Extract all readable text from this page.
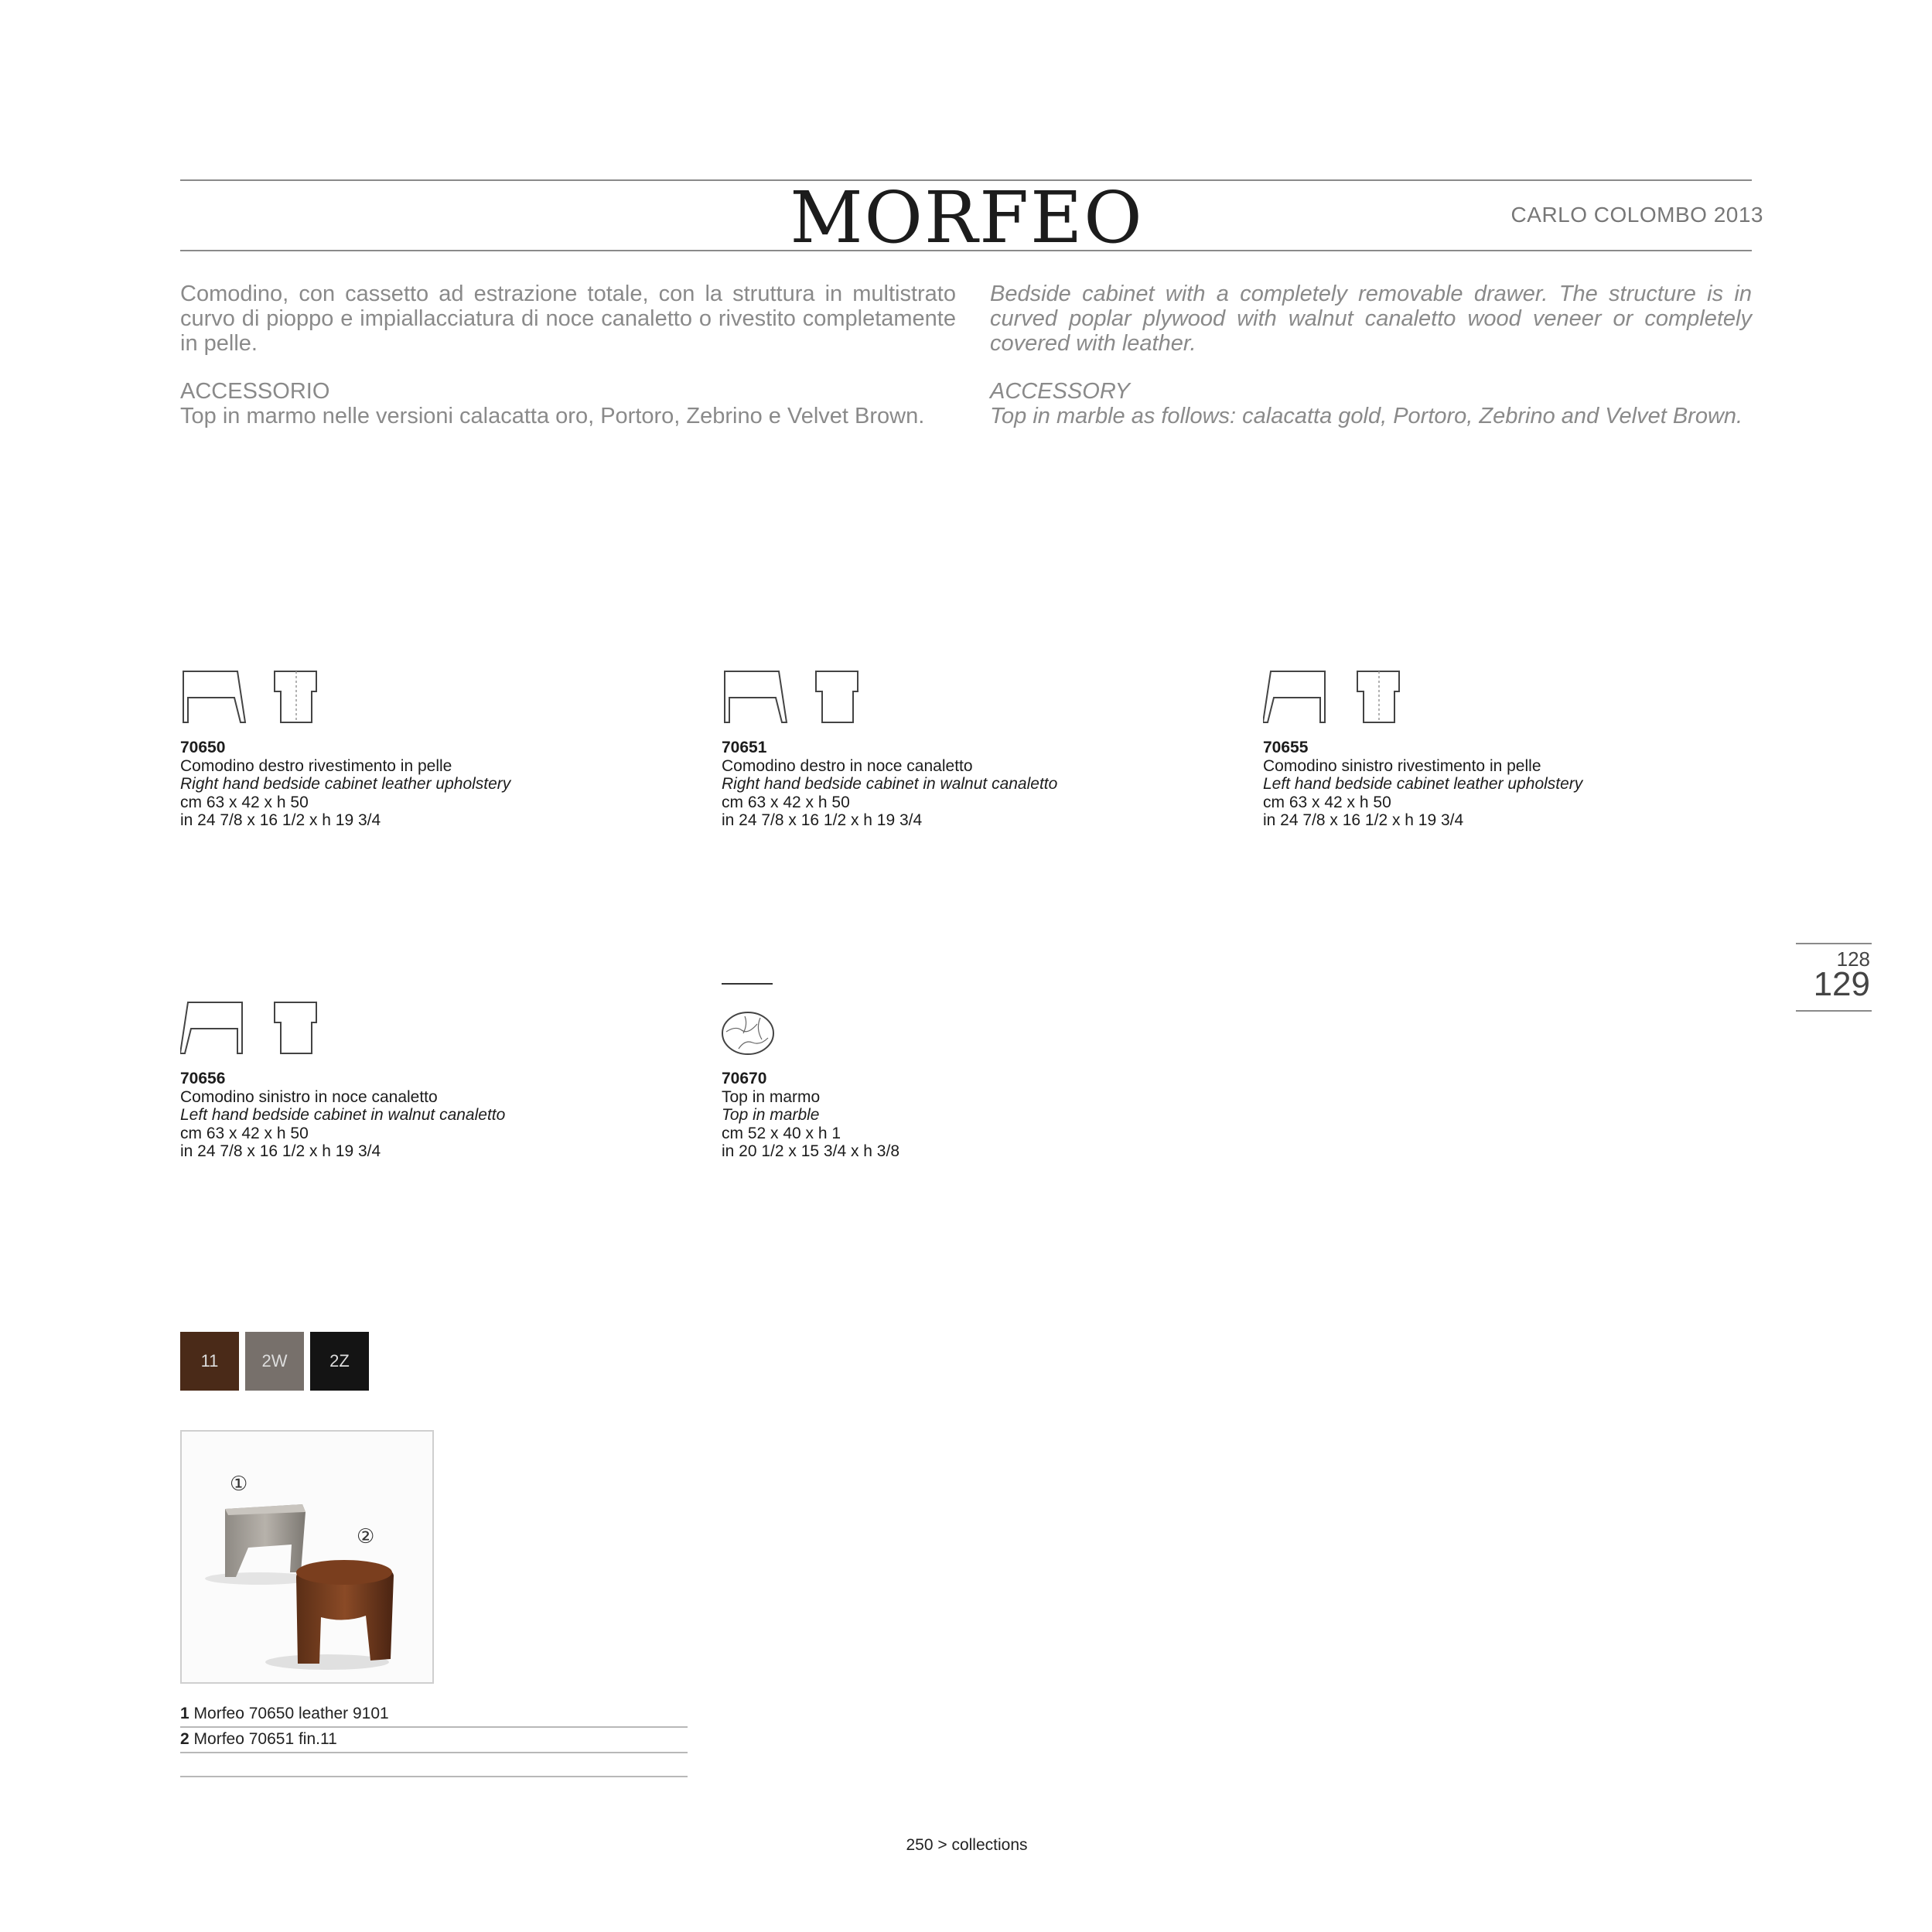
MORFEO	CARLO COLOMBO 2013

Comodino, con cassetto ad estrazione totale, con la struttura in multistrato curvo di pioppo e impiallacciatura di noce canaletto o rivestito completamente in pelle.

ACCESSORIO
Top in marmo nelle versioni calacatta oro, Portoro, Zebrino e Velvet Brown.

Bedside cabinet with a completely removable drawer. The structure is in curved poplar plywood with walnut canaletto wood veneer or completely covered with leather.

ACCESSORY
Top in marble as follows: calacatta gold, Portoro, Zebrino and Velvet Brown.
70650
Comodino destro rivestimento in pelle
Right hand bedside cabinet leather upholstery
cm 63 x 42 x h 50
in 24 7/8 x 16 1/2 x h 19 3/4
70651
Comodino destro in noce canaletto
Right hand bedside cabinet in walnut canaletto
cm 63 x 42 x h 50
in 24 7/8 x 16 1/2 x h 19 3/4
70655
Comodino sinistro rivestimento in pelle
Left hand bedside cabinet leather upholstery
cm 63 x 42 x h 50
in 24 7/8 x 16 1/2 x h 19 3/4
70656
Comodino sinistro in noce canaletto
Left hand bedside cabinet in walnut canaletto
cm 63 x 42 x h 50
in 24 7/8 x 16 1/2 x h 19 3/4
70670
Top in marmo
Top in marble
cm 52 x 40 x h 1
in 20 1/2 x 15 3/4 x h 3/8
11	2W	2Z
①
②
1 Morfeo 70650 leather 9101
2 Morfeo 70651 fin.11
128
129
250 > collections
